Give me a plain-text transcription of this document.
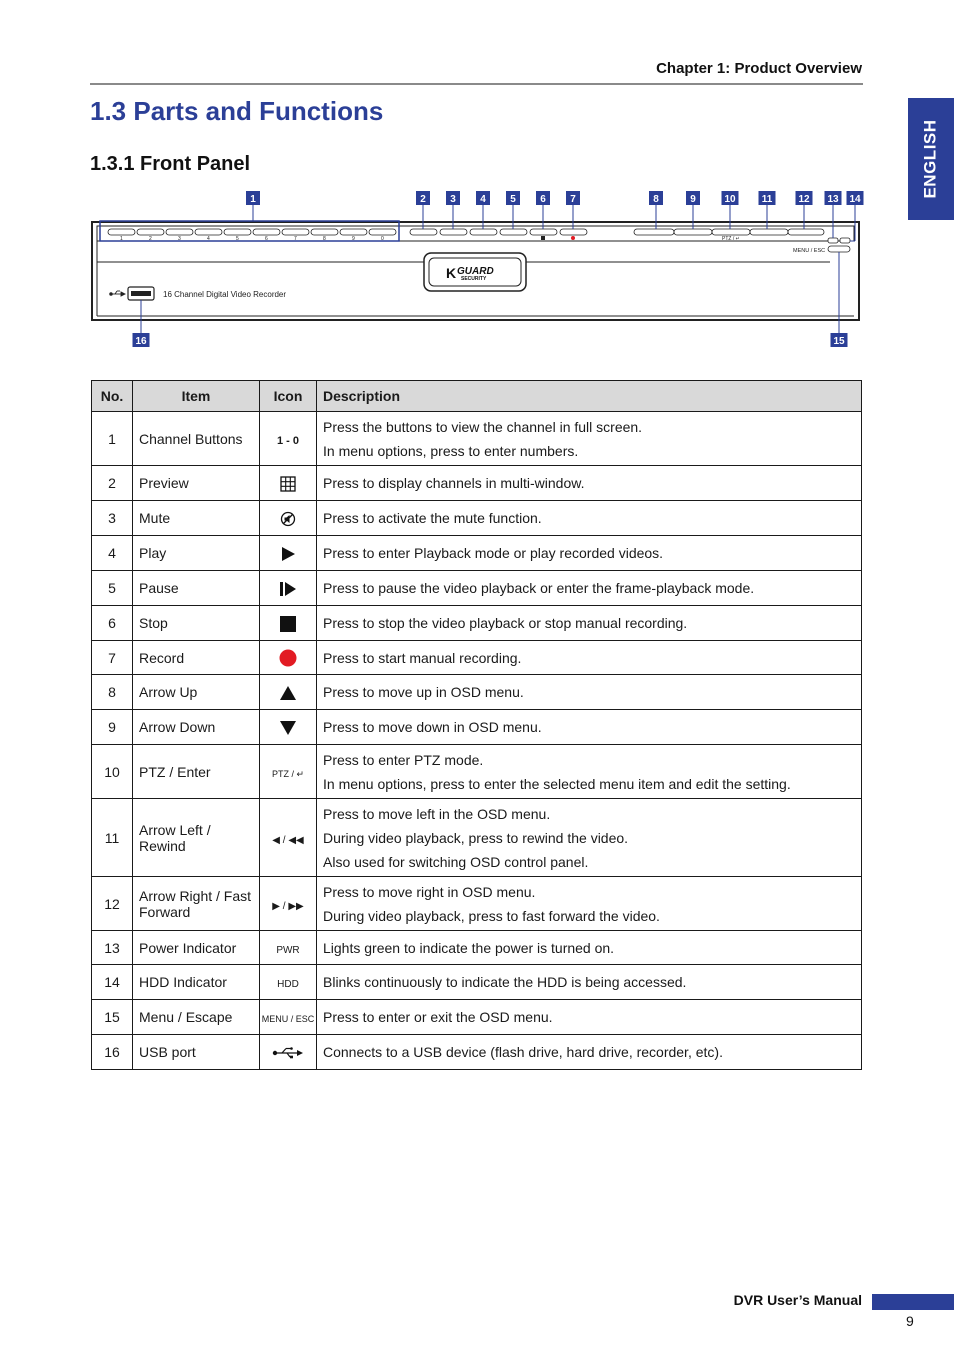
Chapter 1: Product Overview
ENGLISH
1.3 Parts and Functions
1.3.1 Front Panel
1	2	3	4	5	6	7	8	9	0	PTZ / ↵
MENU / ESC
K GUARD
SECURITY
16 Channel Digital Video Recorder
1	2 3 4 5 6 7	8	9	10	11	12 13 14
15
16
No.	Item	Icon	Description
1	Channel Buttons	1 - 0	Press the buttons to view the channel in full screen.
In menu options, press to enter numbers.

2	Preview		Press to display channels in multi-window.

3	Mute		Press to activate the mute function.

4	Play		Press to enter Playback mode or play recorded videos.

5	Pause		Press to pause the video playback or enter the frame-playback mode.

6	Stop		Press to stop the video playback or stop manual recording.

7	Record		Press to start manual recording.

8	Arrow Up		Press to move up in OSD menu.

9	Arrow Down		Press to move down in OSD menu.

10	PTZ / Enter	PTZ / ↵	Press to enter PTZ mode.
In menu options, press to enter the selected menu item and edit the setting.

11	Arrow Left / Rewind	◀ / ◀◀	Press to move left in the OSD menu.
During video playback, press to rewind the video.
Also used for switching OSD control panel.

12	Arrow Right / Fast Forward	▶ / ▶▶	Press to move right in OSD menu.
During video playback, press to fast forward the video.

13	Power Indicator	PWR	Lights green to indicate the power is turned on.

14	HDD Indicator	HDD	Blinks continuously to indicate the HDD is being accessed.

15	Menu / Escape	MENU / ESC	Press to enter or exit the OSD menu.

16	USB port		Connects to a USB device (flash drive, hard drive, recorder, etc).
DVR User’s Manual
9
